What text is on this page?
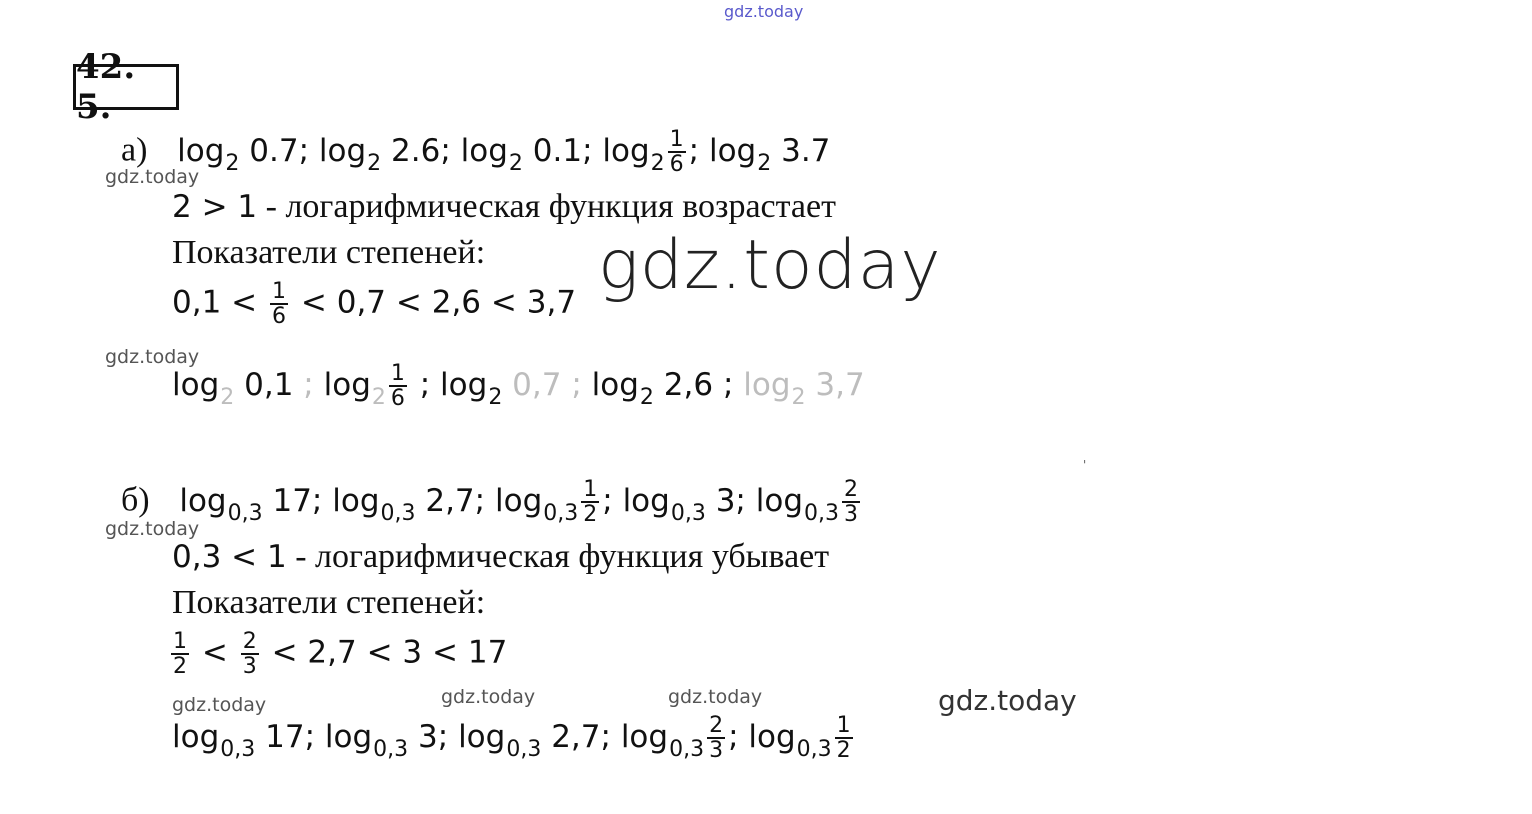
gdz.today
42. 5.
а) $\log_2 0.7$; $\log_2 2.6$; $\log_2 0.1$; $\log_2 \frac{1}{6}$ ; $\log_2 3.7$
gdz.today
2 > 1 - логарифмическая функция возрастает
Показатели степеней: gdz.today
$0,1 < \frac{1}{6} < 0,7 < 2,6 < 3,7$
gdz.today
$\log_2 0,1$ ; $\log_2 \frac{1}{6}$ ; $\log_2 0,7$ ; $\log_2 2,6$ ; $\log_2 3,7$
'
б) $\log_{0,3} 17$; $\log_{0,3} 2,7$; $\log_{0,3} \frac{1}{2}$ ; $\log_{0,3} 3$; $\log_{0,3} \frac{2}{3}$
gdz.today
0,3 < 1 - логарифмическая функция убывает
Показатели степеней:
$\frac{1}{2} < \frac{2}{3} < 2,7 < 3 < 17$
gdz.today	gdz.today	gdz.today	gdz.today
$\log_{0,3} 17$; $\log_{0,3} 3$; $\log_{0,3} 2,7$; $\log_{0,3} \frac{2}{3}$ ; $\log_{0,3} \frac{1}{2}$
